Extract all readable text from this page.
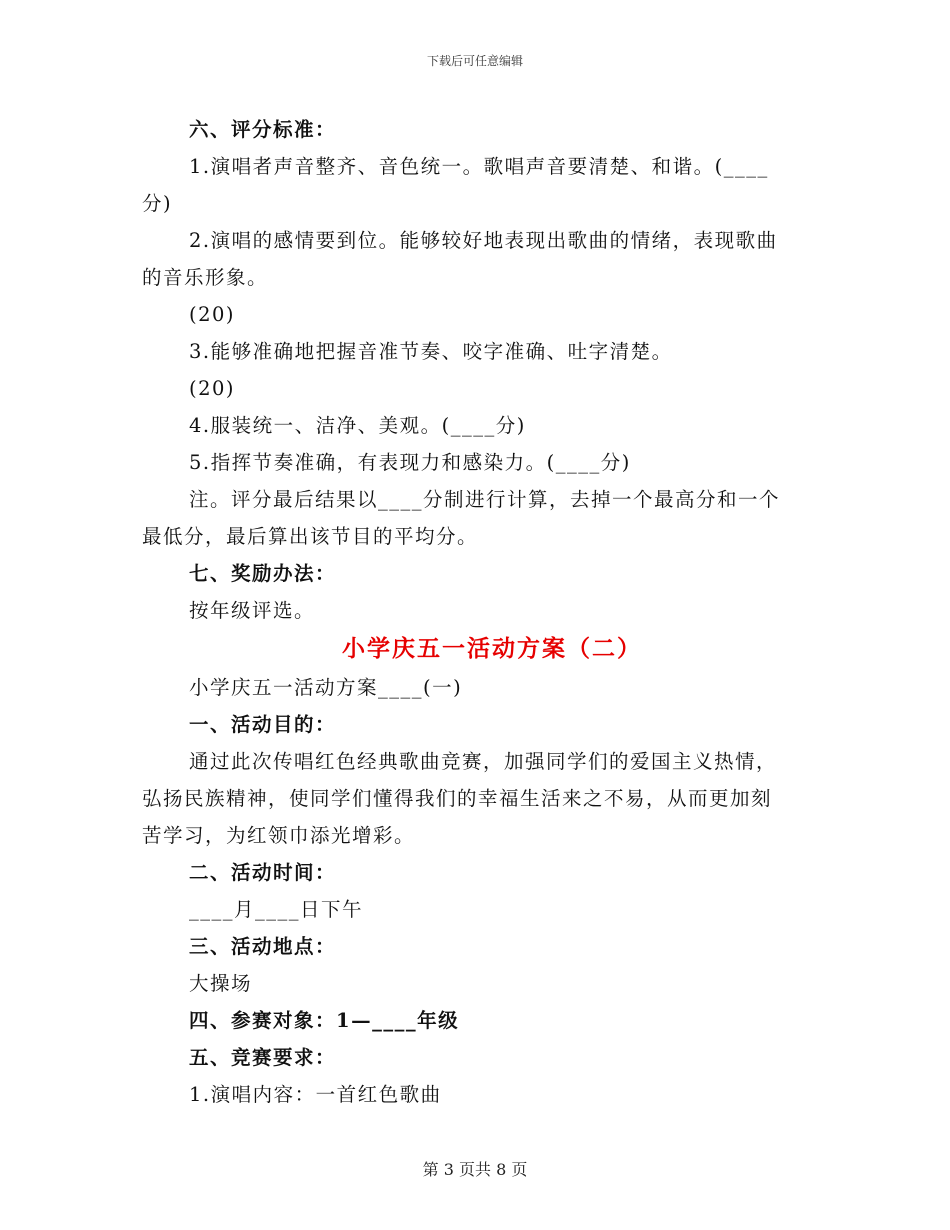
下载后可任意编辑

六、评分标准：

1.演唱者声音整齐、音色统一。歌唱声音要清楚、和谐。(____

分)

2.演唱的感情要到位。能够较好地表现出歌曲的情绪，表现歌曲

的音乐形象。

(20)

3.能够准确地把握音准节奏、咬字准确、吐字清楚。

(20)

4.服装统一、洁净、美观。(____分)

5.指挥节奏准确，有表现力和感染力。(____分)

注。评分最后结果以____分制进行计算，去掉一个最高分和一个

最低分，最后算出该节目的平均分。

七、奖励办法：

按年级评选。

小学庆五一活动方案（二）

小学庆五一活动方案____(一)

一、活动目的：

通过此次传唱红色经典歌曲竞赛，加强同学们的爱国主义热情，

弘扬民族精神，使同学们懂得我们的幸福生活来之不易，从而更加刻

苦学习，为红领巾添光增彩。

二、活动时间：

____月____日下午

三、活动地点：

大操场

四、参赛对象：1—____年级

五、竞赛要求：

1.演唱内容：一首红色歌曲

第 3 页共 8 页
